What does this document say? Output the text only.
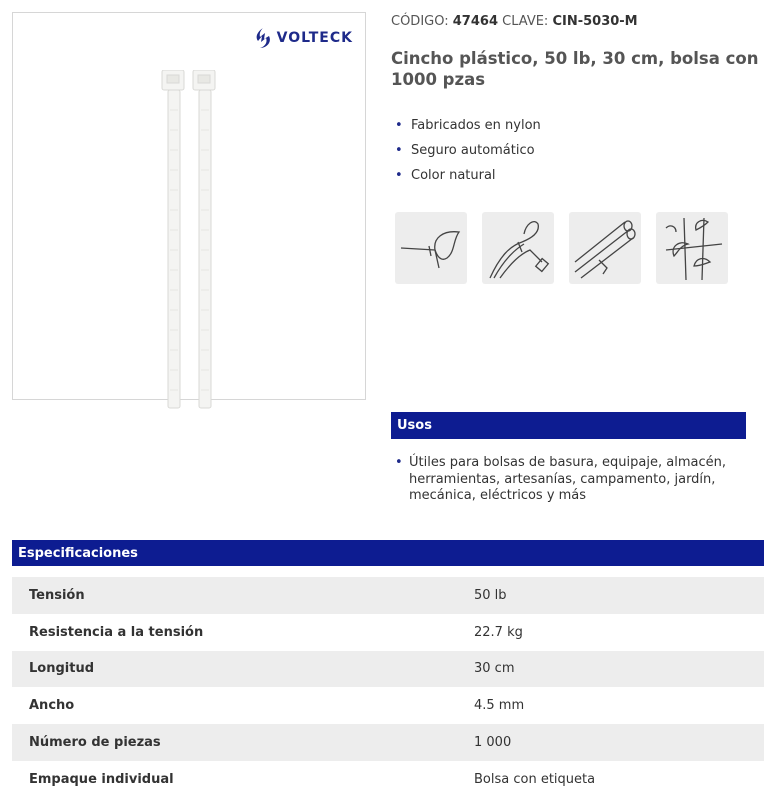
VOLTECK
CÓDIGO: 47464 CLAVE: CIN-5030-M
Cincho plástico, 50 lb, 30 cm, bolsa con 1000 pzas
• Fabricados en nylon
• Seguro automático
• Color natural
Usos
• Útiles para bolsas de basura, equipaje, almacén, herramientas, artesanías, campamento, jardín, mecánica, eléctricos y más
Especificaciones
Tensión	50 lb
Resistencia a la tensión	22.7 kg
Longitud	30 cm
Ancho	4.5 mm
Número de piezas	1 000
Empaque individual	Bolsa con etiqueta
